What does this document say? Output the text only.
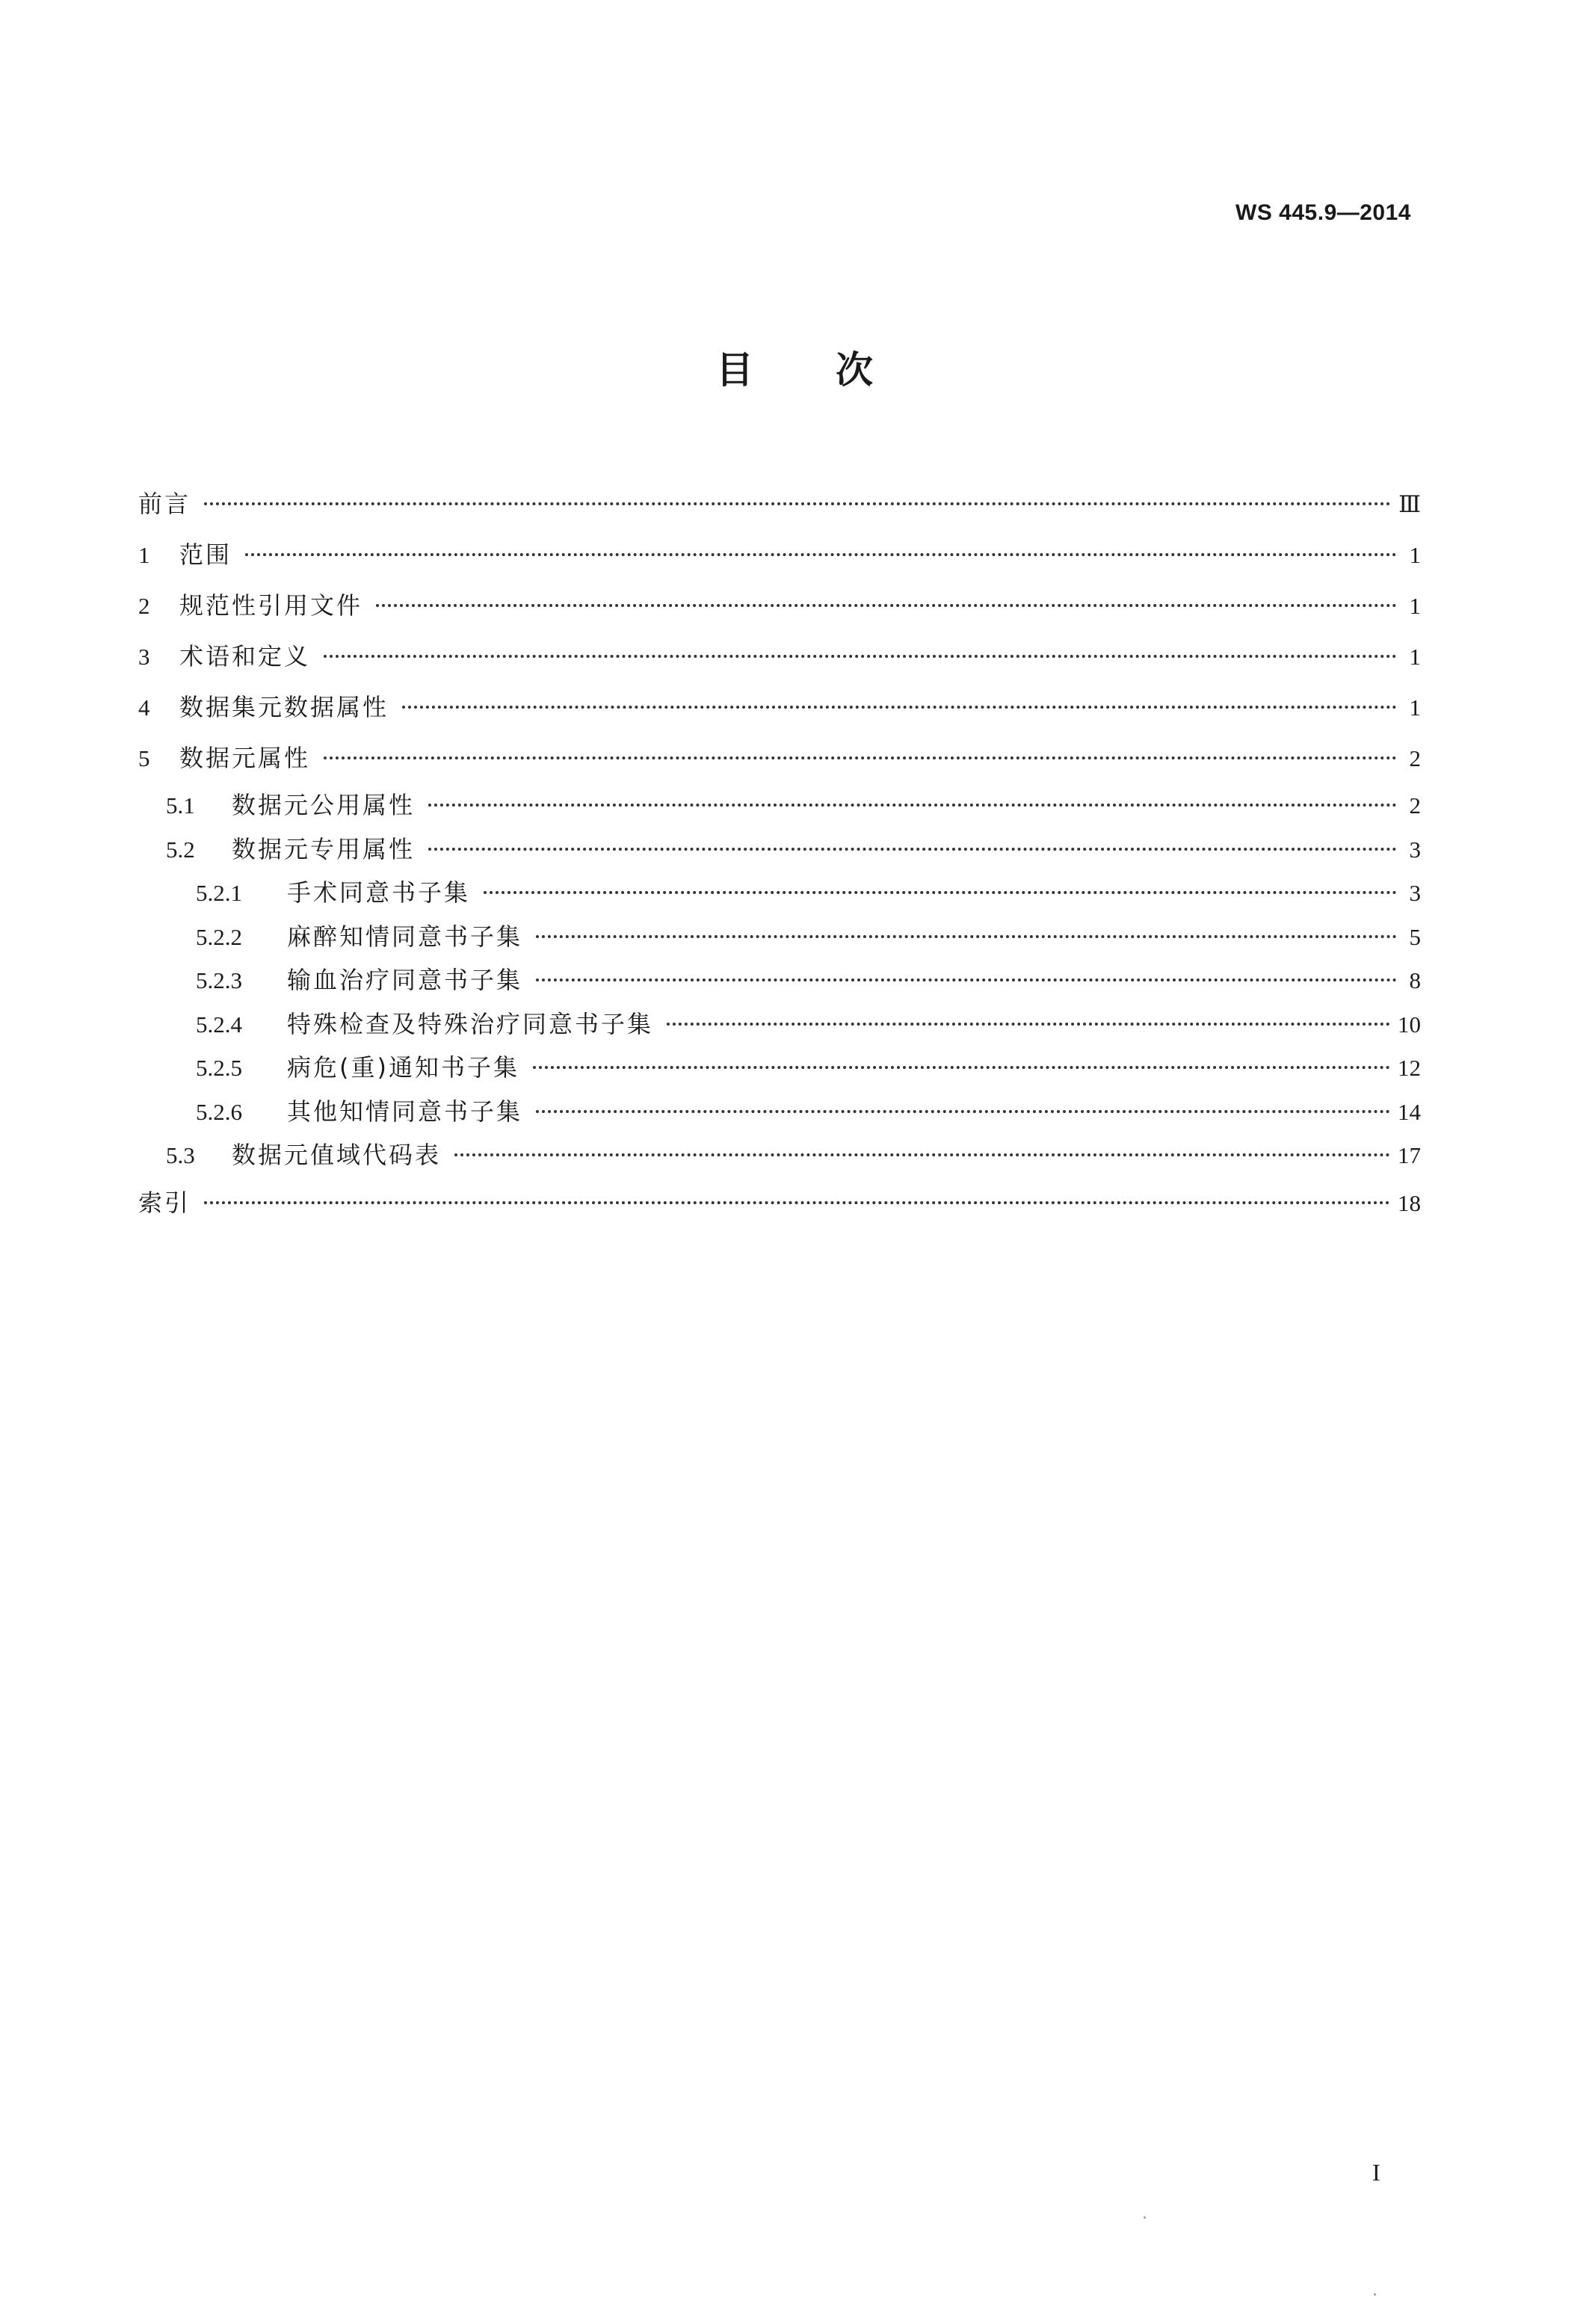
WS 445.9—2014
目次
前言	Ⅲ
1	范围	1
2	规范性引用文件	1
3	术语和定义	1
4	数据集元数据属性	1
5	数据元属性	2
5.1	数据元公用属性	2
5.2	数据元专用属性	3
5.2.1	手术同意书子集	3
5.2.2	麻醉知情同意书子集	5
5.2.3	输血治疗同意书子集	8
5.2.4	特殊检查及特殊治疗同意书子集	10
5.2.5	病危(重)通知书子集	12
5.2.6	其他知情同意书子集	14
5.3	数据元值域代码表	17
索引	18
I
